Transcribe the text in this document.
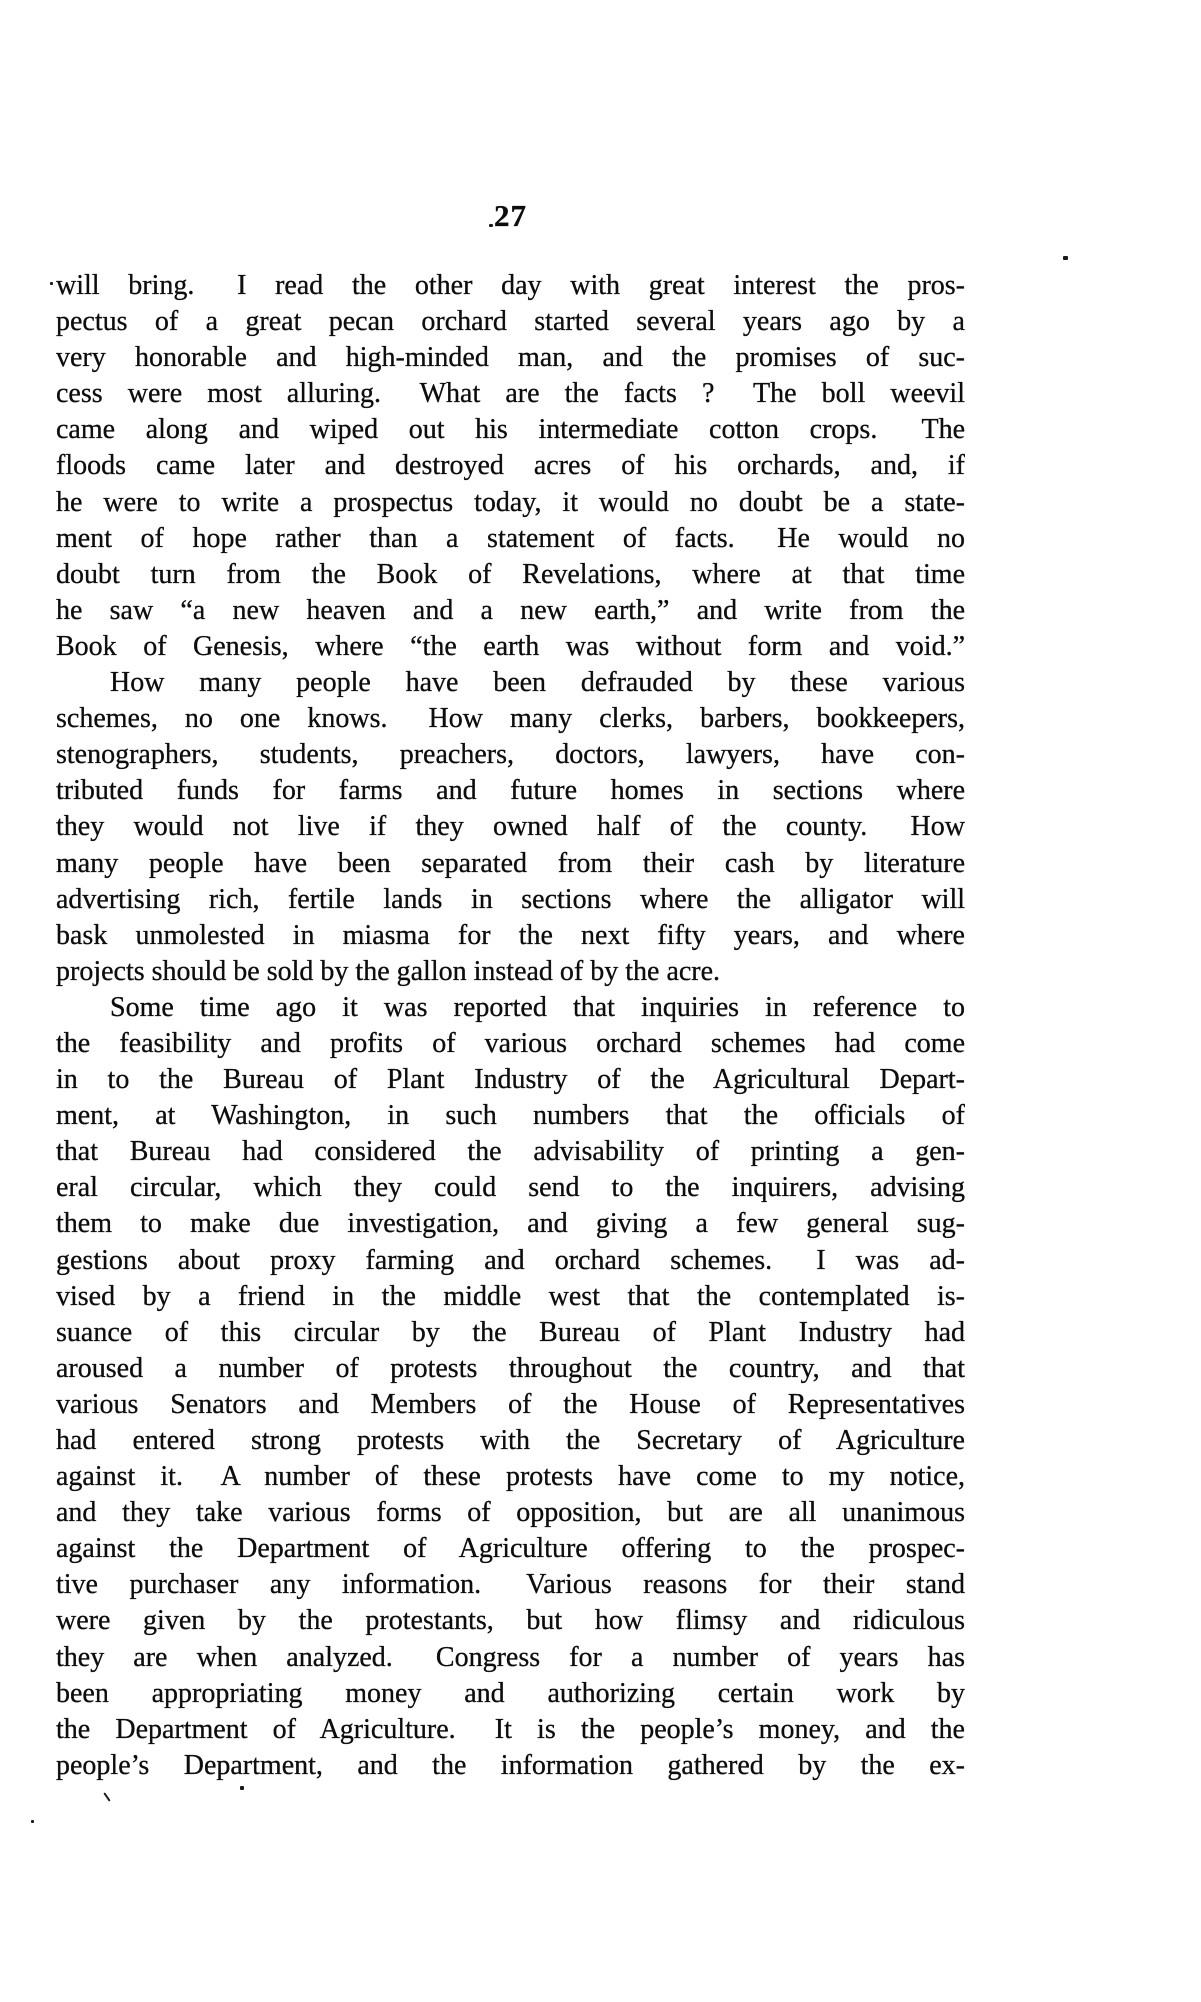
27
will bring.  I read the other day with great interest the pros-
pectus of a great pecan orchard started several years ago by a
very honorable and high-minded man, and the promises of suc-
cess were most alluring.  What are the facts ?  The boll weevil
came along and wiped out his intermediate cotton crops.  The
floods came later and destroyed acres of his orchards, and, if
he were to write a prospectus today, it would no doubt be a state-
ment of hope rather than a statement of facts.  He would no
doubt turn from the Book of Revelations, where at that time
he saw “a new heaven and a new earth,” and write from the
Book of Genesis, where “the earth was without form and void.”
How many people have been defrauded by these various
schemes, no one knows.  How many clerks, barbers, bookkeepers,
stenographers, students, preachers, doctors, lawyers, have con-
tributed funds for farms and future homes in sections where
they would not live if they owned half of the county.  How
many people have been separated from their cash by literature
advertising rich, fertile lands in sections where the alligator will
bask unmolested in miasma for the next fifty years, and where
projects should be sold by the gallon instead of by the acre.
Some time ago it was reported that inquiries in reference to
the feasibility and profits of various orchard schemes had come
in to the Bureau of Plant Industry of the Agricultural Depart-
ment, at Washington, in such numbers that the officials of
that Bureau had considered the advisability of printing a gen-
eral circular, which they could send to the inquirers, advising
them to make due investigation, and giving a few general sug-
gestions about proxy farming and orchard schemes.  I was ad-
vised by a friend in the middle west that the contemplated is-
suance of this circular by the Bureau of Plant Industry had
aroused a number of protests throughout the country, and that
various Senators and Members of the House of Representatives
had entered strong protests with the Secretary of Agriculture
against it.  A number of these protests have come to my notice,
and they take various forms of opposition, but are all unanimous
against the Department of Agriculture offering to the prospec-
tive purchaser any information.  Various reasons for their stand
were given by the protestants, but how flimsy and ridiculous
they are when analyzed.  Congress for a number of years has
been appropriating money and authorizing certain work by
the Department of Agriculture.  It is the people’s money, and the
people’s Department, and the information gathered by the ex-
